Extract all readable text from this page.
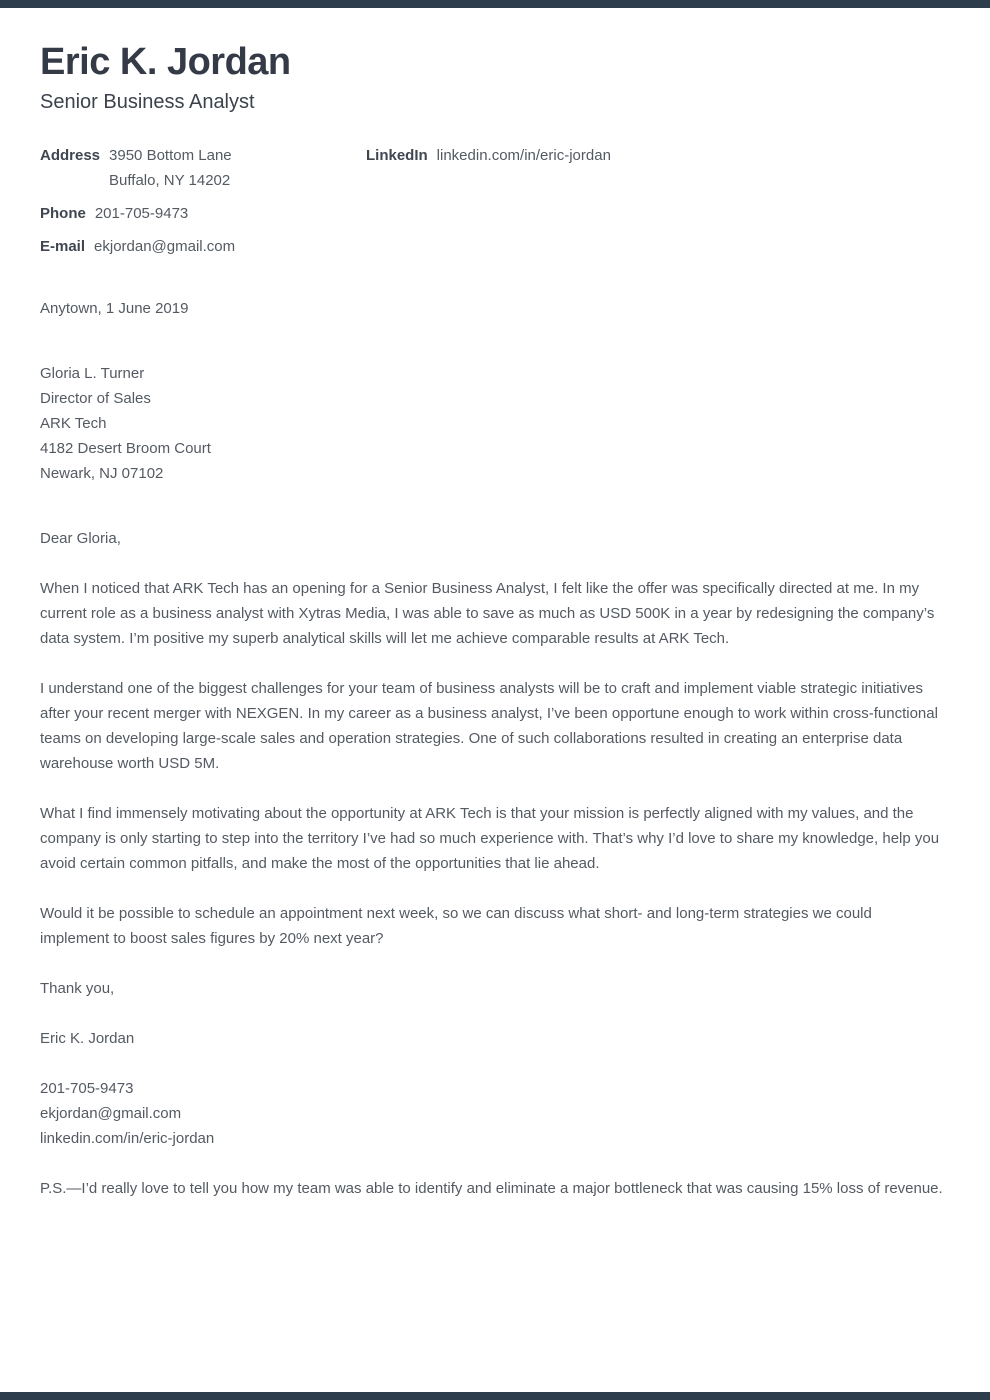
Eric K. Jordan
Senior Business Analyst
Address 3950 Bottom Lane
Buffalo, NY 14202
Phone 201-705-9473
E-mail ekjordan@gmail.com
LinkedIn linkedin.com/in/eric-jordan
Anytown, 1 June 2019
Gloria L. Turner
Director of Sales
ARK Tech
4182 Desert Broom Court
Newark, NJ 07102
Dear Gloria,

When I noticed that ARK Tech has an opening for a Senior Business Analyst, I felt like the offer was specifically directed at me. In my current role as a business analyst with Xytras Media, I was able to save as much as USD 500K in a year by redesigning the company’s data system. I’m positive my superb analytical skills will let me achieve comparable results at ARK Tech.

I understand one of the biggest challenges for your team of business analysts will be to craft and implement viable strategic initiatives after your recent merger with NEXGEN. In my career as a business analyst, I’ve been opportune enough to work within cross-functional teams on developing large-scale sales and operation strategies. One of such collaborations resulted in creating an enterprise data warehouse worth USD 5M.

What I find immensely motivating about the opportunity at ARK Tech is that your mission is perfectly aligned with my values, and the company is only starting to step into the territory I’ve had so much experience with. That’s why I’d love to share my knowledge, help you avoid certain common pitfalls, and make the most of the opportunities that lie ahead.

Would it be possible to schedule an appointment next week, so we can discuss what short- and long-term strategies we could implement to boost sales figures by 20% next year?

Thank you,
Eric K. Jordan
201-705-9473
ekjordan@gmail.com
linkedin.com/in/eric-jordan
P.S.—I’d really love to tell you how my team was able to identify and eliminate a major bottleneck that was causing 15% loss of revenue.
